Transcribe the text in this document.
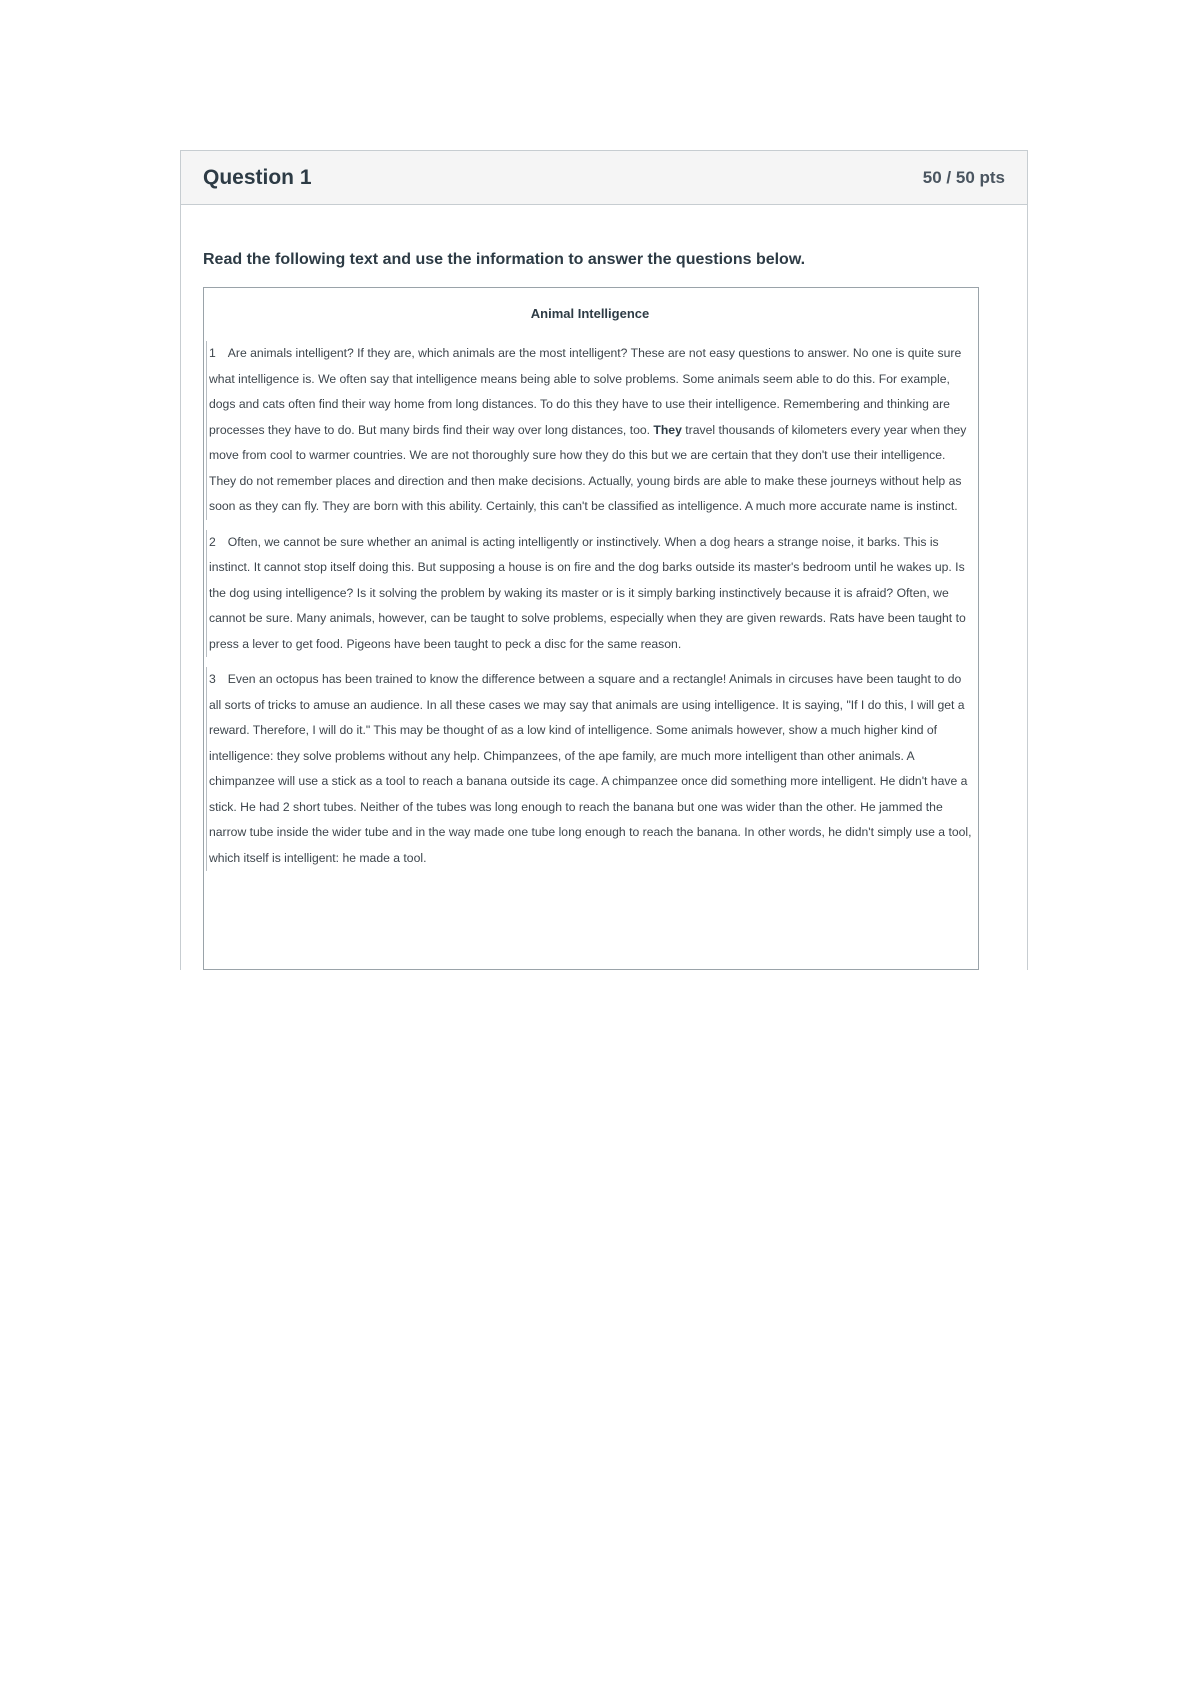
Question 1	50 / 50 pts

Read the following text and use the information to answer the questions below.

Animal Intelligence

1 Are animals intelligent? If they are, which animals are the most intelligent? These are not easy questions to answer. No one is quite sure what intelligence is. We often say that intelligence means being able to solve problems. Some animals seem able to do this. For example, dogs and cats often find their way home from long distances. To do this they have to use their intelligence. Remembering and thinking are processes they have to do. But many birds find their way over long distances, too. They travel thousands of kilometers every year when they move from cool to warmer countries. We are not thoroughly sure how they do this but we are certain that they don't use their intelligence. They do not remember places and direction and then make decisions. Actually, young birds are able to make these journeys without help as soon as they can fly. They are born with this ability. Certainly, this can't be classified as intelligence. A much more accurate name is instinct.

2 Often, we cannot be sure whether an animal is acting intelligently or instinctively. When a dog hears a strange noise, it barks. This is instinct. It cannot stop itself doing this. But supposing a house is on fire and the dog barks outside its master's bedroom until he wakes up. Is the dog using intelligence? Is it solving the problem by waking its master or is it simply barking instinctively because it is afraid? Often, we cannot be sure. Many animals, however, can be taught to solve problems, especially when they are given rewards. Rats have been taught to press a lever to get food. Pigeons have been taught to peck a disc for the same reason.

3 Even an octopus has been trained to know the difference between a square and a rectangle! Animals in circuses have been taught to do all sorts of tricks to amuse an audience. In all these cases we may say that animals are using intelligence. It is saying, "If I do this, I will get a reward. Therefore, I will do it." This may be thought of as a low kind of intelligence. Some animals however, show a much higher kind of intelligence: they solve problems without any help. Chimpanzees, of the ape family, are much more intelligent than other animals. A chimpanzee will use a stick as a tool to reach a banana outside its cage. A chimpanzee once did something more intelligent. He didn't have a stick. He had 2 short tubes. Neither of the tubes was long enough to reach the banana but one was wider than the other. He jammed the narrow tube inside the wider tube and in the way made one tube long enough to reach the banana. In other words, he didn't simply use a tool, which itself is intelligent: he made a tool.
